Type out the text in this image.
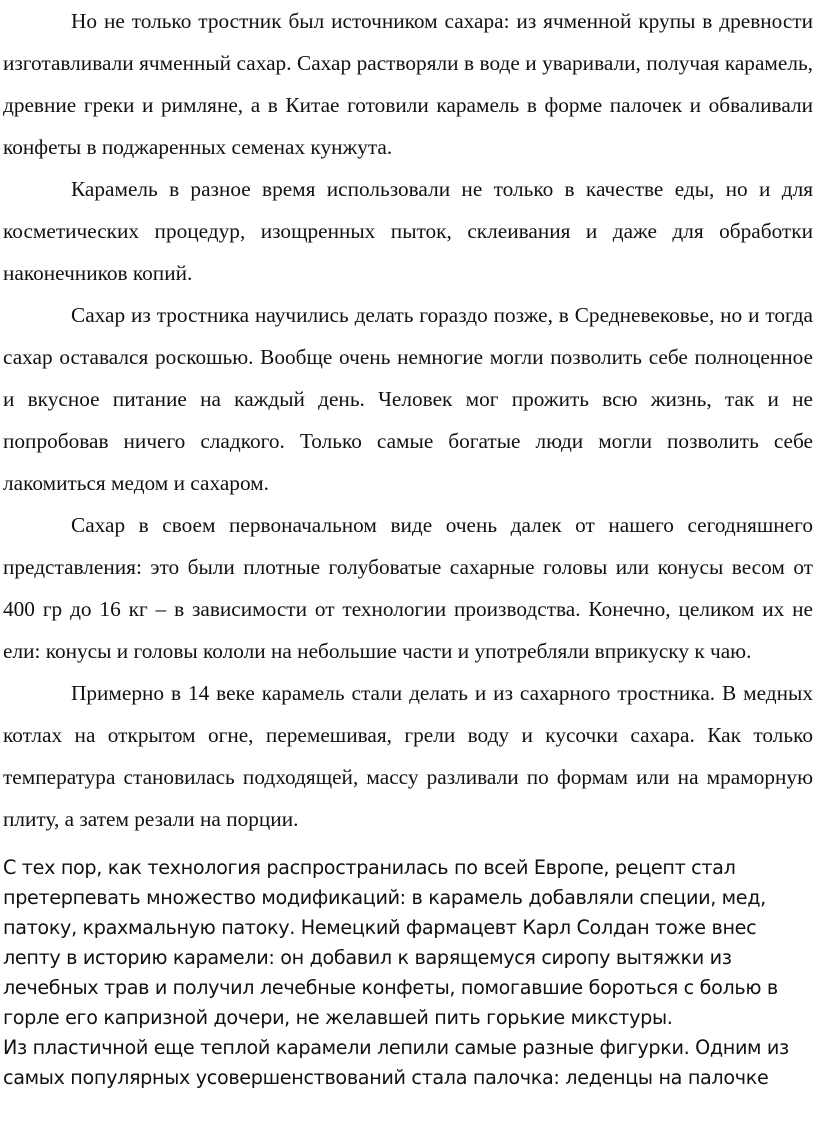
Но не только тростник был источником сахара: из ячменной крупы в древности изготавливали ячменный сахар. Сахар растворяли в воде и уваривали, получая карамель, древние греки и римляне, а в Китае готовили карамель в форме палочек и обваливали конфеты в поджаренных семенах кунжута.

Карамель в разное время использовали не только в качестве еды, но и для косметических процедур, изощренных пыток, склеивания и даже для обработки наконечников копий.

Сахар из тростника научились делать гораздо позже, в Средневековье, но и тогда сахар оставался роскошью. Вообще очень немногие могли позволить себе полноценное и вкусное питание на каждый день. Человек мог прожить всю жизнь, так и не попробовав ничего сладкого. Только самые богатые люди могли позволить себе лакомиться медом и сахаром.

Сахар в своем первоначальном виде очень далек от нашего сегодняшнего представления: это были плотные голубоватые сахарные головы или конусы весом от 400 гр до 16 кг – в зависимости от технологии производства. Конечно, целиком их не ели: конусы и головы кололи на небольшие части и употребляли вприкуску к чаю.

Примерно в 14 веке карамель стали делать и из сахарного тростника. В медных котлах на открытом огне, перемешивая, грели воду и кусочки сахара. Как только температура становилась подходящей, массу разливали по формам или на мраморную плиту, а затем резали на порции.

С тех пор, как технология распространилась по всей Европе, рецепт стал претерпевать множество модификаций: в карамель добавляли специи, мед, патоку, крахмальную патоку. Немецкий фармацевт Карл Солдан тоже внес лепту в историю карамели: он добавил к варящемуся сиропу вытяжки из лечебных трав и получил лечебные конфеты, помогавшие бороться с болью в горле его капризной дочери, не желавшей пить горькие микстуры.

Из пластичной еще теплой карамели лепили самые разные фигурки. Одним из самых популярных усовершенствований стала палочка: леденцы на палочке
